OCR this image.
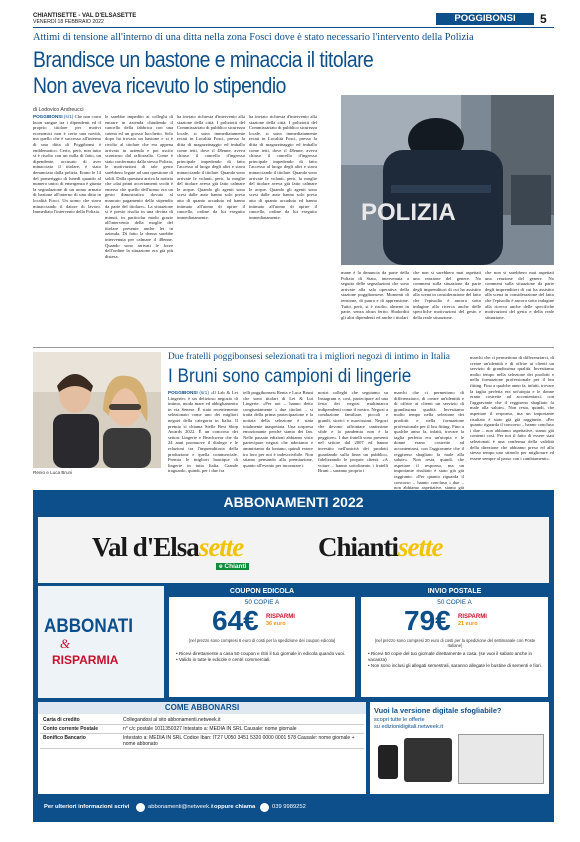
CHIANTISETTE - VAL D'ELSASETTE
VENERDÌ 18 FEBBRAIO 2022	POGGIBONSI	5
Attimi di tensione all'interno di una ditta nella zona Fosci dove è stato necessario l'intervento della Polizia
Brandisce un bastone e minaccia il titolare
Non aveva ricevuto lo stipendio
di Lodovico Andreucci
POGGIBONSI (sr1) Che non corra buon sangue tra i dipendenti ed il proprio titolare per motivi economici non è certo una novità, ma quello che è successo all'interno di una ditta di Poggibonsi è emblematico. Certo, però, non tutto si è risolto con un nulla di fatto, un dipendente, accusato di aver minacciato il titolare, è stato denunciato dalla polizia. Erano le 14 del pomeriggio di lunedì quando al numero unico di emergenza è giunta la segnalazione di un uomo armato di bastone all'interno di una ditta in località Fosci. Un uomo che stava minacciando il datore di lavoro. Immediato l'intervento della Polizia.
le sarebbe impedito ai colleghi di entrare in azienda chiudendo il cancello della fabbrica con una catena ed un grosso lucchetto. Solo dopo ha trovato un bastone e si è rivolto al titolare che era appena arrivato in azienda e poi uscito scontroso dal rafforzalio. Come è stato confermato dalla stessa Polizia, le motivazioni di tale gesto sarebbero legate ad una questione di soldi. Dalla questura arriva la notizia che «dai primi accertamenti svolti è emerso che quello dell'uomo era un gesto dimostrativo dovuto al mancato pagamento dello stipendio da parte del titolare». La situazione si è presto risolta in una decina di minuti, in particolar modo grazie all'intervento della moglie del titolare presente anche lei in azienda. Di fatto la donna sarebbe intervenuta per calmare il 48enne. Quando sono arrivati le forze dell'ordine la situazione era già più distesa.
ha inviato richiesta d'intervento alla stazione della città. I poliziotti del Commissariato di pubblico sicurezza locale, si sono immediatamente recati in Località Fosci, presso la ditta di magazzinaggio ed imballo come tetti, dove il 48enne, aveva chiuso il cancello d'ingresso principale impedendo di fatto l'accesso al luogo degli altri e stava minacciando il titolare. Quando sono arrivate le volanti, però, la moglie del titolare aveva già fatto calmare le acque. Quando gli agenti sono scesi dalle auto hanno solo preso atto di quanto accaduto ed hanno intimato all'uomo di aprire il cancello, ordine da lui eseguito immediatamente.
ha inviato richiesta d'intervento alla stazione della città. I poliziotti del Commissariato di pubblico sicurezza locale, si sono immediatamente recati in Località Fosci, presso la ditta di magazzinaggio ed imballo come tetti, dove il 48enne, aveva chiuso il cancello d'ingresso principale impedendo di fatto l'accesso al luogo degli altri e stava minacciando il titolare. Quando sono arrivate le volanti, però, la moglie del titolare aveva già fatto calmare le acque. Quando gli agenti sono scesi dalle auto hanno solo preso atto di quanto accaduto ed hanno intimato all'uomo di aprire il cancello, ordine da lui eseguito immediatamente.	POLIZIA
mane è la denuncia da parte della Polizia di Stato, intervenuta a seguito delle segnalazioni che sono arrivate alla sala operativa della stazione poggibonsese. Momenti di tensione, di paura e di apprensione. Tutto, però, si è risolto, almeno in parte, senza alcun ferito. Sbalorditi gli altri dipendenti ed anche i titolari
che non si sarebbero mai aspettati una reazione del genere. No comment sulla situazione da parte degli imprenditori di cui ha assistito alla scena in considerazione del fatto che l'episodio è ancora sotto indagine alla ricerca anche delle specifiche motivazioni del gesto e della reale situazione.
che non si sarebbero mai aspettati una reazione del genere. No comment sulla situazione da parte degli imprenditori di cui ha assistito alla scena in considerazione del fatto che l'episodio è ancora sotto indagine alla ricerca anche delle specifiche motivazioni del gesto e della reale situazione.
Renio e Luca Bruni
Due fratelli poggibonsesi selezionati tra i migliori negozi di intimo in Italia
I Bruni sono campioni di lingerie
POGGIBONSI (sr1) «Il Lab & Lei Lingerie» è un delizioso negozio di intimo, moda mare ed abbigliamento in via Senese. È stato recentemente selezionato come uno dei migliori negozi della categoria in Italia. Il premio si chiama Stelle Best Shop Awards 2022. È un concorso dei settori Lingerie e Beachwear che da 24 anni promuove il dialogo e le relazioni tra l'imprenditoria della produzione e quella commerciale. Premia le migliori boutique di lingerie in tutta Italia. Grande traguardo, quindi, per i due fra
telli poggibonsesi Renia e Luca Bruni che sono titolari di Lei & Lui Lingerie. «Per noi – hanno detto congiuntamente i due titolari – si tratta della prima partecipazione e la notizia della selezione è stata totalmente inaspettata. Una sorpresa emozionante perché siamo dei fan. Nelle passate edizioni abbiamo visto partecipare negozi che adoriamo e ammiriamo da lontano, quindi essere tra loro per noi è indescrivibile. Non stiamo pensando alla premiazione, quanto all'evento per incontrare i
nostri colleghi che seguiamo su Instagram e, così, partecipare ad una festa dei negozi multimarca indipendenti come il nostro. Negozi a conduzione familiare, piccoli e grandi, storici e nuovissimi. Negozi che devono affrontare tantissime sfide e la pandemia non è la peggiore». I due fratelli sono presenti nel settore dal 2007 ed hanno investito nell'unicità dei prodotti guardando sulla linea un pubblico, fidelizzando le proprie clienti. «A votare – hanno sottolineato i fratelli Bruni – saranno proprio i
marchi che ci permettono di differenziarci, di creare un'identità e di offrire ai clienti un servizio di grandissima qualità. Investiamo molto tempo nella selezione dei prodotti e nella formazione professionale per il bra fitting. Fino a qualche anno fa, infatti, trovare la taglia perfetta era un'utopia e le donne erano costrette ad accontentarsi, con l'aggravante che il reggiseno sbagliato fa male alla salute». Non resta, quindi, che aspettare il responso, ma un importante risultato è stato già già raggiunto. «Per quanto riguarda il concorso – hanno concluso i due – non abbiamo aspettative, siamo già contenti così. Per noi il fatto di essere stati selezionati è una conferma della validità della direzione che abbiamo preso ed allo stesso tempo uno stimolo per migliorare ed essere sempre al passo con i cambiamenti».
marchi che ci permettono di differenziarci, di creare un'identità e di offrire ai clienti un servizio di grandissima qualità. Investiamo molto tempo nella selezione dei prodotti e nella formazione professionale per il bra fitting. Fino a qualche anno fa, infatti, trovare la taglia perfetta era un'utopia e le donne erano costrette ad accontentarsi, con l'aggravante che il reggiseno sbagliato fa male alla salute». Non resta, quindi, che aspettare il responso, ma un importante risultato è stato già già raggiunto. «Per quanto riguarda il concorso – hanno concluso i due – non abbiamo aspettative, siamo già
ABBONAMENTI 2022
Val d'Elsasette
e Chianti
Chiantisette
ABBONATI
&
RISPARMIA
COUPON EDICOLA
50 COPIE A
64€ RISPARMI
36 euro
(nel prezzo sono compresi 6 euro di costi per la spedizione dei coupon edicola)
• Ricevi direttamente a casa 50 coupon e ritiri il tuo giornale in edicola quando vuoi.
• Valido in tutte le edicole e centri commerciali.
INVIO POSTALE
50 COPIE A
79€ RISPARMI
21 euro
(nel prezzo sono compresi 20 euro di costi per la spedizione del settimanale con Poste Italiane)
• Ricevi 50 copie del tuo giornale direttamente a casa. (se vuoi il sabato anche in vacanza)
• Non sono inclusi gli allegati semestrali, saranno allegate le bustine di sementi e fiori.
COME ABBONARSI
Carta di credito	Collegandosi al sito abbonamenti.netweek.it
Conto corrente Postale	n° c/c postale 1011350327 Intestato a: MEDIA IN SRL Causale: nome giornale
Bonifico Bancario	Intestato a: MEDIA IN SRL Codice Iban: IT27 U050 3451 5320 0000 0001 578 Causale: nome giornale + nome abbonato
Vuoi la versione digitale sfogliabile?
scopri tutte le offerte
su edizionidigitali.netweek.it
Per ulteriori informazioni scrivi	abbonamenti@netweek.it oppure chiama	039 9989252
